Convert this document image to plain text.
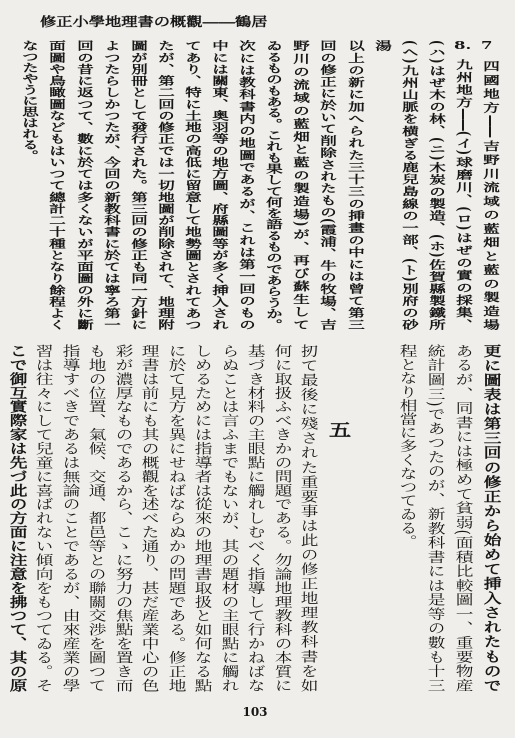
修正小學地理書の概觀――鶴居
7四國地方――吉野川流域の藍畑と藍の製造場
8.九州地方――(イ)球磨川、(ロ)はぜの實の採集、
(ハ)はぜ木の林、(ニ)木炭の製造、(ホ)佐賀縣製鐵所
(ヘ)九州山脈を横ぎる鹿兒島線の一部、(ト)別府の砂
湯
以上の新に加へられた三十三の挿畫の中には曾て第三
回の修正に於いて削除されたもの(霞浦、牛の牧場、吉
野川の流域の藍畑と藍の製造場)が、再び蘇生して
ゐるものもある。これも果して何を語るものであらうか。
次には教科書内の地圖であるが、これは第一回のもの
中には關東、奥羽等の地方圖、府縣圖等が多く挿入され
てあり、特に土地の高低に留意して地勢圖とされてあつ
たが、第二回の修正では一切地圖が削除されて、地理附
圖が別冊として發行された。第三回の修正も同一方針に
よつたらしかつたが、今回の新教科書に於ては寧ろ第一
回の昔に返つて、數に於ては多くないが平面圖の外に斷
面圖や鳥瞰圖などもはいつて總計二十種となり餘程よく
なつたやうに思はれる。
更に圖表は第三回の修正から始めて挿入されたもので
あるが、同書には極めて貧弱(面積比較圖一、重要物産
統計圖三)であつたのが、新教科書には是等の數も十三
程となり相當に多くなつてゐる。
五
扨て最後に殘された重要事は此の修正地理教科書を如
何に取扱ふべきかの問題である。勿論地理教科の本質に
基づき材料の主眼點に觸れしむべく指導して行かねばな
らぬことは言ふまでもないが、其の題材の主眼點に觸れ
しめるためには指導者は從來の地理書取扱と如何なる點
に於て見方を異にせねばならぬかの問題である。修正地
理書は前にも其の概觀を述べた通り、甚だ産業中心の色
彩が濃厚なものであるから、こゝに努力の焦點を置き而
も地の位置、氣候、交通、都邑等との聯關交渉を圖つて
指導すべきであるは無論のことであるが、由來産業の學
習は往々にして兒童に喜ばれない傾向をもつてゐる。そ
こで御互實際家は先づ此の方面に注意を拂つて、其の原
103
